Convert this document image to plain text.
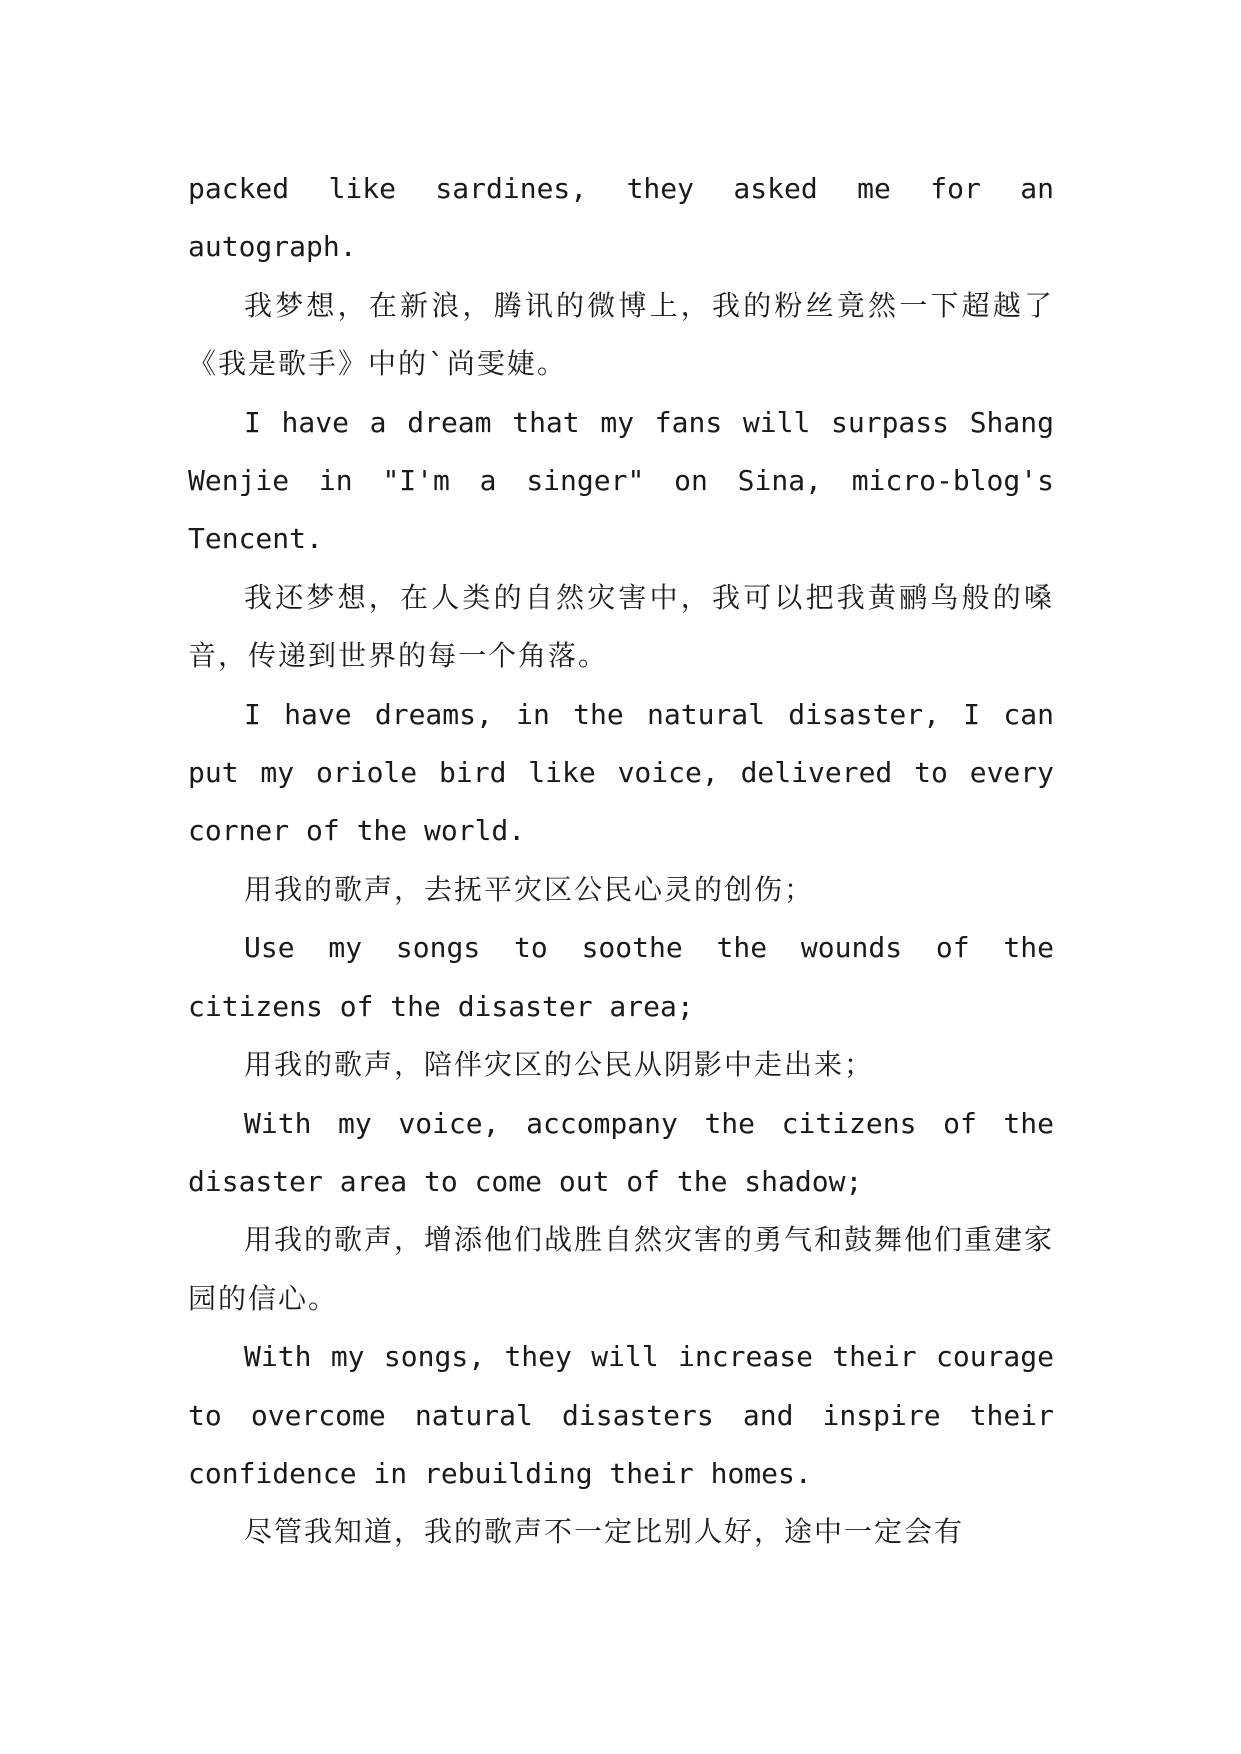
packed like sardines, they asked me for an autograph.

我梦想，在新浪，腾讯的微博上，我的粉丝竟然一下超越了《我是歌手》中的`尚雯婕。

I have a dream that my fans will surpass Shang Wenjie in "I'm a singer" on Sina, micro-blog's Tencent.

我还梦想，在人类的自然灾害中，我可以把我黄鹂鸟般的嗓音，传递到世界的每一个角落。

I have dreams, in the natural disaster, I can put my oriole bird like voice, delivered to every corner of the world.

用我的歌声，去抚平灾区公民心灵的创伤；

Use my songs to soothe the wounds of the citizens of the disaster area;

用我的歌声，陪伴灾区的公民从阴影中走出来；

With my voice, accompany the citizens of the disaster area to come out of the shadow;

用我的歌声，增添他们战胜自然灾害的勇气和鼓舞他们重建家园的信心。

With my songs, they will increase their courage to overcome natural disasters and inspire their confidence in rebuilding their homes.

尽管我知道，我的歌声不一定比别人好，途中一定会有
